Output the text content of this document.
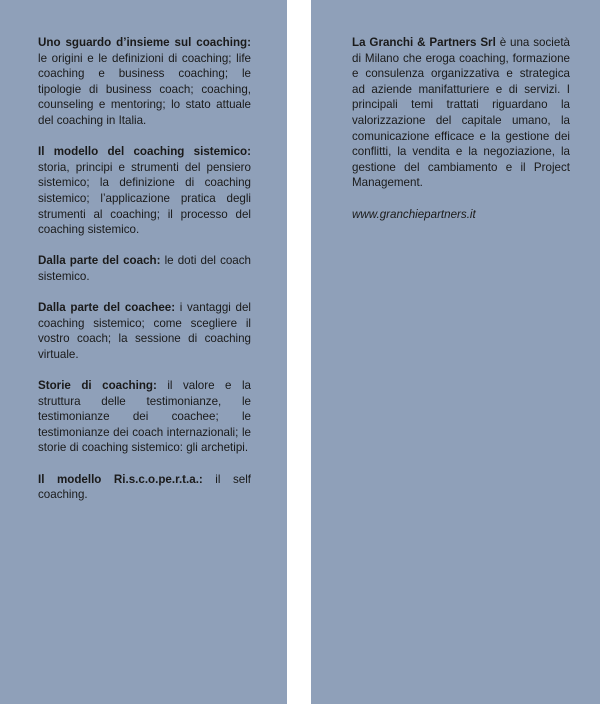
Uno sguardo d’insieme sul coaching: le origini e le definizioni di coaching; life coaching e business coaching; le tipologie di business coach; coaching, counseling e mentoring; lo stato attuale del coaching in Italia.

Il modello del coaching sistemico: storia, principi e strumenti del pensiero sistemico; la definizione di coaching sistemico; l’applicazione pratica degli strumenti al coaching; il processo del coaching sistemico.

Dalla parte del coach: le doti del coach sistemico.

Dalla parte del coachee: i vantaggi del coaching sistemico; come scegliere il vostro coach; la sessione di coaching virtuale.

Storie di coaching: il valore e la struttura delle testimonianze, le testimonianze dei coachee; le testimonianze dei coach internazionali; le storie di coaching sistemico: gli archetipi.

Il modello Ri.s.c.o.pe.r.t.a.: il self coaching.

La Granchi & Partners Srl è una società di Milano che eroga coaching, formazione e consulenza organizzativa e strategica ad aziende manifatturiere e di servizi. I principali temi trattati riguardano la valorizzazione del capitale umano, la comunicazione efficace e la gestione dei conflitti, la vendita e la negoziazione, la gestione del cambiamento e il Project Management.

www.granchiepartners.it
